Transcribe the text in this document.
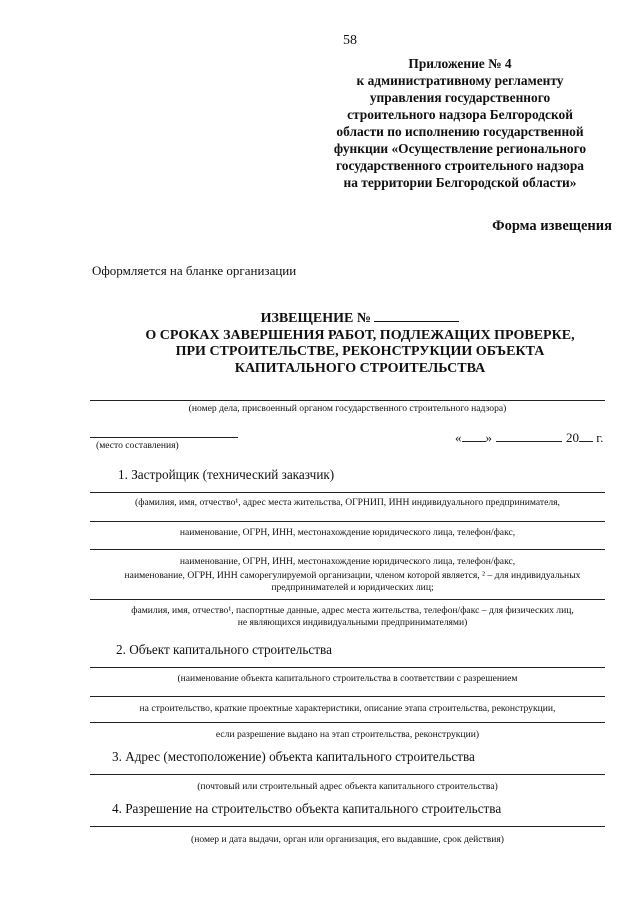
58
Приложение № 4
к административному регламенту
управления государственного
строительного надзора Белгородской
области по исполнению государственной
функции «Осуществление регионального
государственного строительного надзора
на территории Белгородской области»
Форма извещения
Оформляется на бланке организации
ИЗВЕЩЕНИЕ №
О СРОКАХ ЗАВЕРШЕНИЯ РАБОТ, ПОДЛЕЖАЩИХ ПРОВЕРКЕ,
ПРИ СТРОИТЕЛЬСТВЕ, РЕКОНСТРУКЦИИ ОБЪЕКТА
КАПИТАЛЬНОГО СТРОИТЕЛЬСТВА
(номер дела, присвоенный органом государственного строительного надзора)
(место составления)
« »	20 г.
1. Застройщик (технический заказчик)
(фамилия, имя, отчество¹, адрес места жительства, ОГРНИП, ИНН индивидуального предпринимателя,
наименование, ОГРН, ИНН, местонахождение юридического лица, телефон/факс,
наименование, ОГРН, ИНН, местонахождение юридического лица, телефон/факс,
наименование, ОГРН, ИНН саморегулируемой организации, членом которой является, ² – для индивидуальных
предпринимателей и юридических лиц;
фамилия, имя, отчество¹, паспортные данные, адрес места жительства, телефон/факс – для физических лиц,
не являющихся индивидуальными предпринимателями)
2. Объект капитального строительства
(наименование объекта капитального строительства в соответствии с разрешением
на строительство, краткие проектные характеристики, описание этапа строительства, реконструкции,
если разрешение выдано на этап строительства, реконструкции)
3. Адрес (местоположение) объекта капитального строительства
(почтовый или строительный адрес объекта капитального строительства)
4. Разрешение на строительство объекта капитального строительства
(номер и дата выдачи, орган или организация, его выдавшие, срок действия)
